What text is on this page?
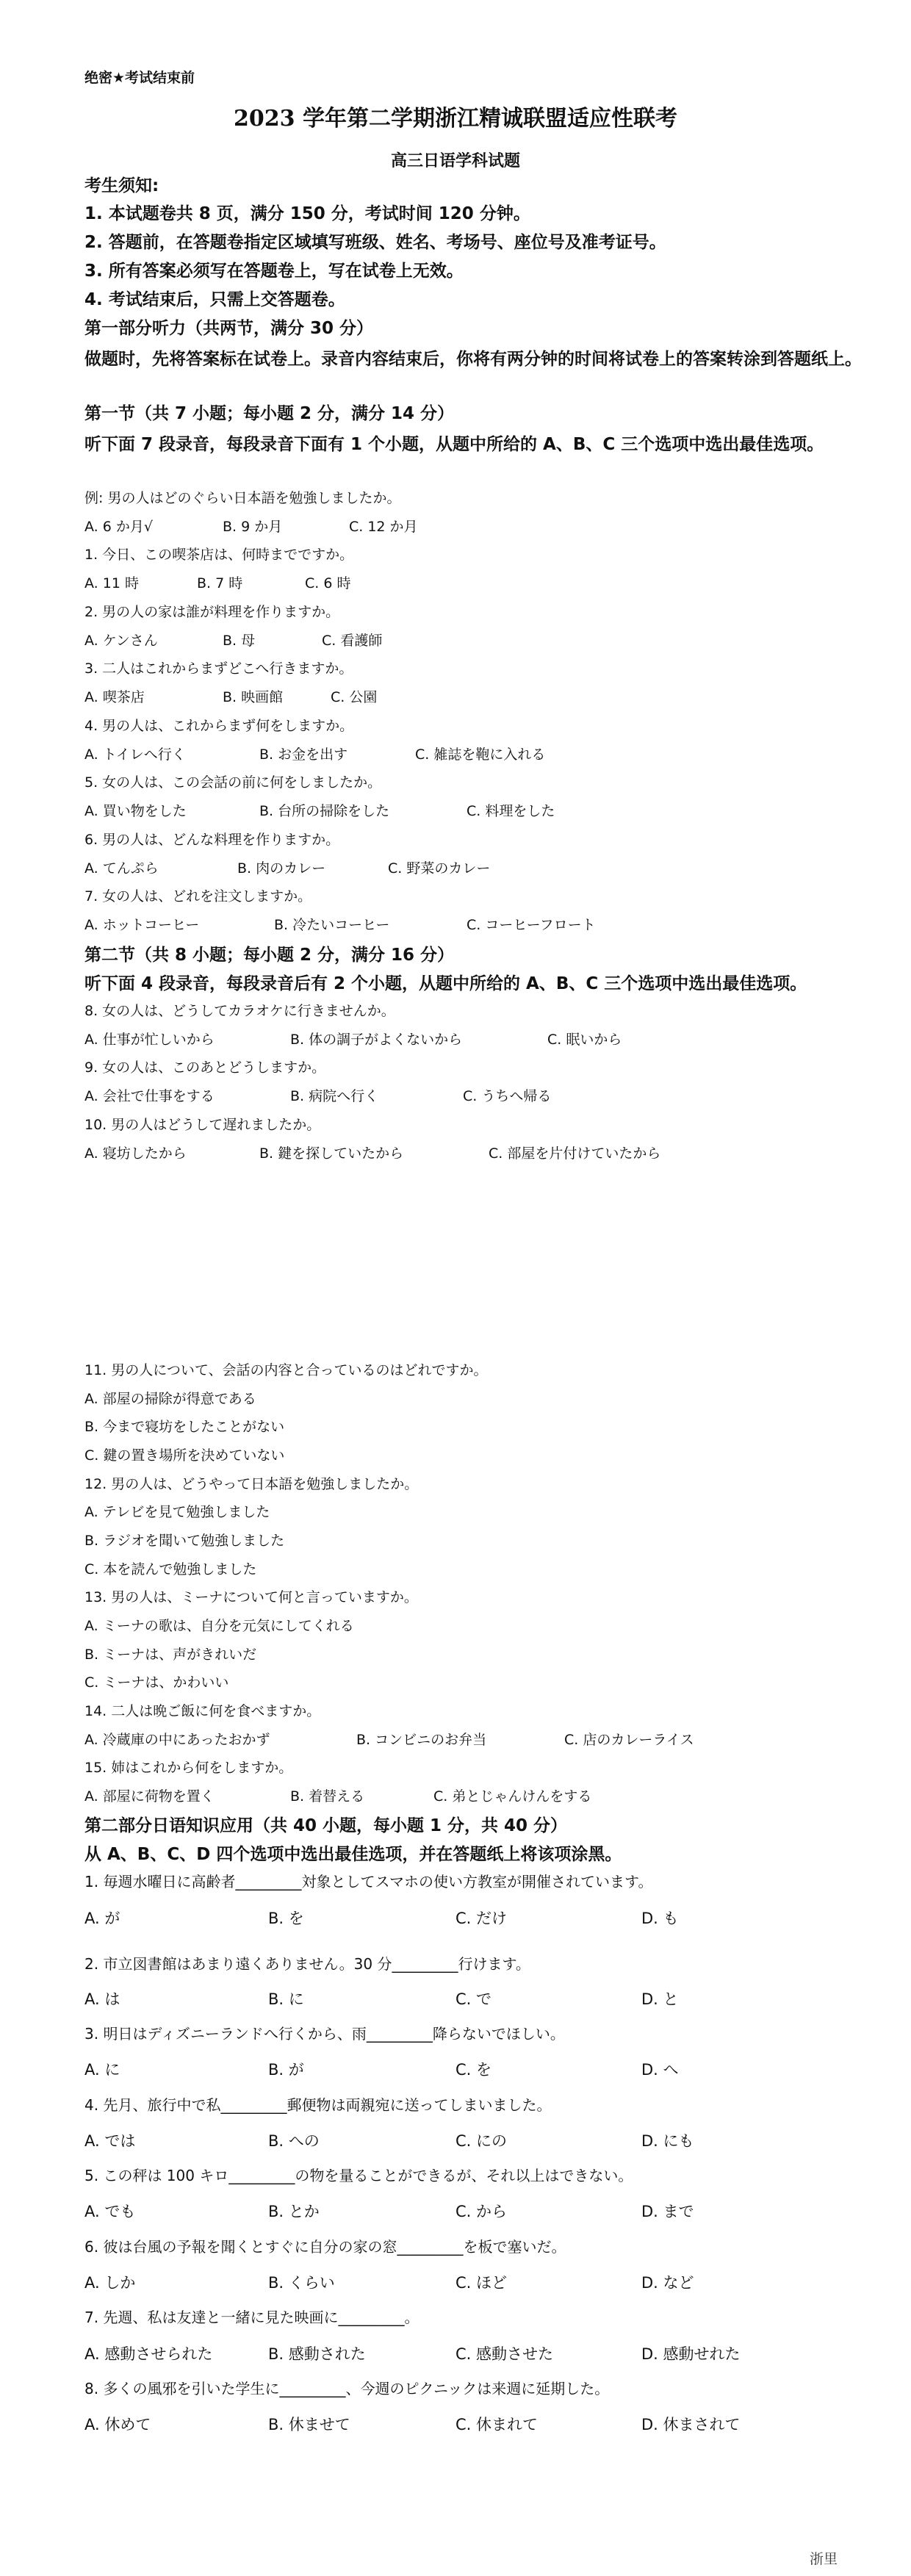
绝密★考试结束前
2023 学年第二学期浙江精诚联盟适应性联考
高三日语学科试题
考生须知:
1. 本试题卷共 8 页，满分 150 分，考试时间 120 分钟。
2. 答题前，在答题卷指定区域填写班级、姓名、考场号、座位号及准考证号。
3. 所有答案必须写在答题卷上，写在试卷上无效。
4. 考试结束后，只需上交答题卷。
第一部分听力（共两节，满分 30 分）
做题时，先将答案标在试卷上。录音内容结束后，你将有两分钟的时间将试卷上的答案转涂到答题纸上。
第一节（共 7 小题；每小题 2 分，满分 14 分）
听下面 7 段录音，每段录音下面有 1 个小题，从题中所给的 A、B、C 三个选项中选出最佳选项。
例: 男の人はどのぐらい日本語を勉強しましたか。
A. 6 か月√	B. 9 か月	C. 12 か月
1. 今日、この喫茶店は、何時までですか。
A. 11 時	B. 7 時	C. 6 時
2. 男の人の家は誰が料理を作りますか。
A. ケンさん	B. 母	C. 看護師
3. 二人はこれからまずどこへ行きますか。
A. 喫茶店	B. 映画館	C. 公園
4. 男の人は、これからまず何をしますか。
A. トイレへ行く	B. お金を出す	C. 雑誌を鞄に入れる
5. 女の人は、この会話の前に何をしましたか。
A. 買い物をした	B. 台所の掃除をした	C. 料理をした
6. 男の人は、どんな料理を作りますか。
A. てんぷら	B. 肉のカレー	C. 野菜のカレー
7. 女の人は、どれを注文しますか。
A. ホットコーヒー	B. 冷たいコーヒー	C. コーヒーフロート
第二节（共 8 小题；每小题 2 分，满分 16 分）
听下面 4 段录音，每段录音后有 2 个小题，从题中所给的 A、B、C 三个选项中选出最佳选项。
8. 女の人は、どうしてカラオケに行きませんか。
A. 仕事が忙しいから	B. 体の調子がよくないから	C. 眠いから
9. 女の人は、このあとどうしますか。
A. 会社で仕事をする	B. 病院へ行く	C. うちへ帰る
10. 男の人はどうして遅れましたか。
A. 寝坊したから	B. 鍵を探していたから	C. 部屋を片付けていたから
11. 男の人について、会話の内容と合っているのはどれですか。
A. 部屋の掃除が得意である
B. 今まで寝坊をしたことがない
C. 鍵の置き場所を決めていない
12. 男の人は、どうやって日本語を勉強しましたか。
A. テレビを見て勉強しました
B. ラジオを聞いて勉強しました
C. 本を読んで勉強しました
13. 男の人は、ミーナについて何と言っていますか。
A. ミーナの歌は、自分を元気にしてくれる
B. ミーナは、声がきれいだ
C. ミーナは、かわいい
14. 二人は晩ご飯に何を食べますか。
A. 冷蔵庫の中にあったおかず	B. コンビニのお弁当	C. 店のカレーライス
15. 姉はこれから何をしますか。
A. 部屋に荷物を置く	B. 着替える	C. 弟とじゃんけんをする
第二部分日语知识应用（共 40 小题，每小题 1 分，共 40 分）
从 A、B、C、D 四个选项中选出最佳选项，并在答题纸上将该项涂黑。
1. 毎週水曜日に高齢者_________対象としてスマホの使い方教室が開催されています。
A. が	B. を	C. だけ	D. も
2. 市立図書館はあまり遠くありません。30 分_________行けます。
A. は	B. に	C. で	D. と
3. 明日はディズニーランドへ行くから、雨_________降らないでほしい。
A. に	B. が	C. を	D. へ
4. 先月、旅行中で私_________郵便物は両親宛に送ってしまいました。
A. では	B. への	C. にの	D. にも
5. この秤は 100 キロ_________の物を量ることができるが、それ以上はできない。
A. でも	B. とか	C. から	D. まで
6. 彼は台風の予報を聞くとすぐに自分の家の窓_________を板で塞いだ。
A. しか	B. くらい	C. ほど	D. など
7. 先週、私は友達と一緒に見た映画に_________。
A. 感動させられた	B. 感動された	C. 感動させた	D. 感動せれた
8. 多くの風邪を引いた学生に_________、今週のピクニックは来週に延期した。
A. 休めて	B. 休ませて	C. 休まれて	D. 休まされて
浙里
